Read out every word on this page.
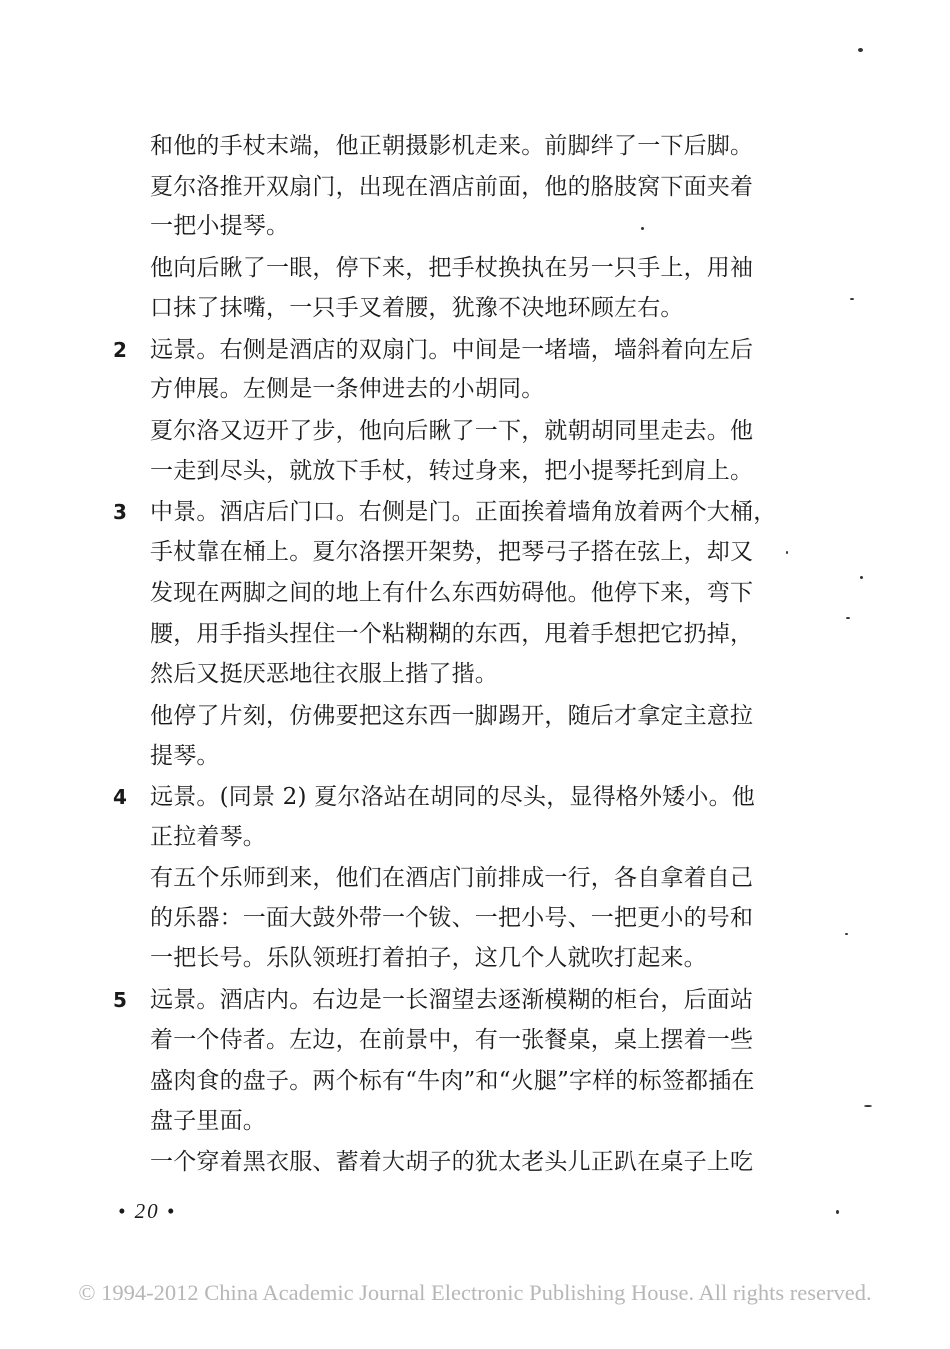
和他的手杖末端，他正朝摄影机走来。前脚绊了一下后脚。
夏尔洛推开双扇门，出现在酒店前面，他的胳肢窝下面夹着
一把小提琴。
他向后瞅了一眼，停下来，把手杖换执在另一只手上，用袖
口抹了抹嘴，一只手叉着腰，犹豫不决地环顾左右。
2 远景。右侧是酒店的双扇门。中间是一堵墙，墙斜着向左后
方伸展。左侧是一条伸进去的小胡同。
夏尔洛又迈开了步，他向后瞅了一下，就朝胡同里走去。他
一走到尽头，就放下手杖，转过身来，把小提琴托到肩上。
3 中景。酒店后门口。右侧是门。正面挨着墙角放着两个大桶，
手杖靠在桶上。夏尔洛摆开架势，把琴弓子搭在弦上，却又
发现在两脚之间的地上有什么东西妨碍他。他停下来，弯下
腰，用手指头捏住一个粘糊糊的东西，甩着手想把它扔掉，
然后又挺厌恶地往衣服上揩了揩。
他停了片刻，仿佛要把这东西一脚踢开，随后才拿定主意拉
提琴。
4 远景。(同景 2) 夏尔洛站在胡同的尽头，显得格外矮小。他
正拉着琴。
有五个乐师到来，他们在酒店门前排成一行，各自拿着自己
的乐器：一面大鼓外带一个钹、一把小号、一把更小的号和
一把长号。乐队领班打着拍子，这几个人就吹打起来。
5 远景。酒店内。右边是一长溜望去逐渐模糊的柜台，后面站
着一个侍者。左边，在前景中，有一张餐桌，桌上摆着一些
盛肉食的盘子。两个标有“牛肉”和“火腿”字样的标签都插在
盘子里面。
一个穿着黑衣服、蓄着大胡子的犹太老头儿正趴在桌子上吃
• 20 •
© 1994-2012 China Academic Journal Electronic Publishing House. All rights reserved.
